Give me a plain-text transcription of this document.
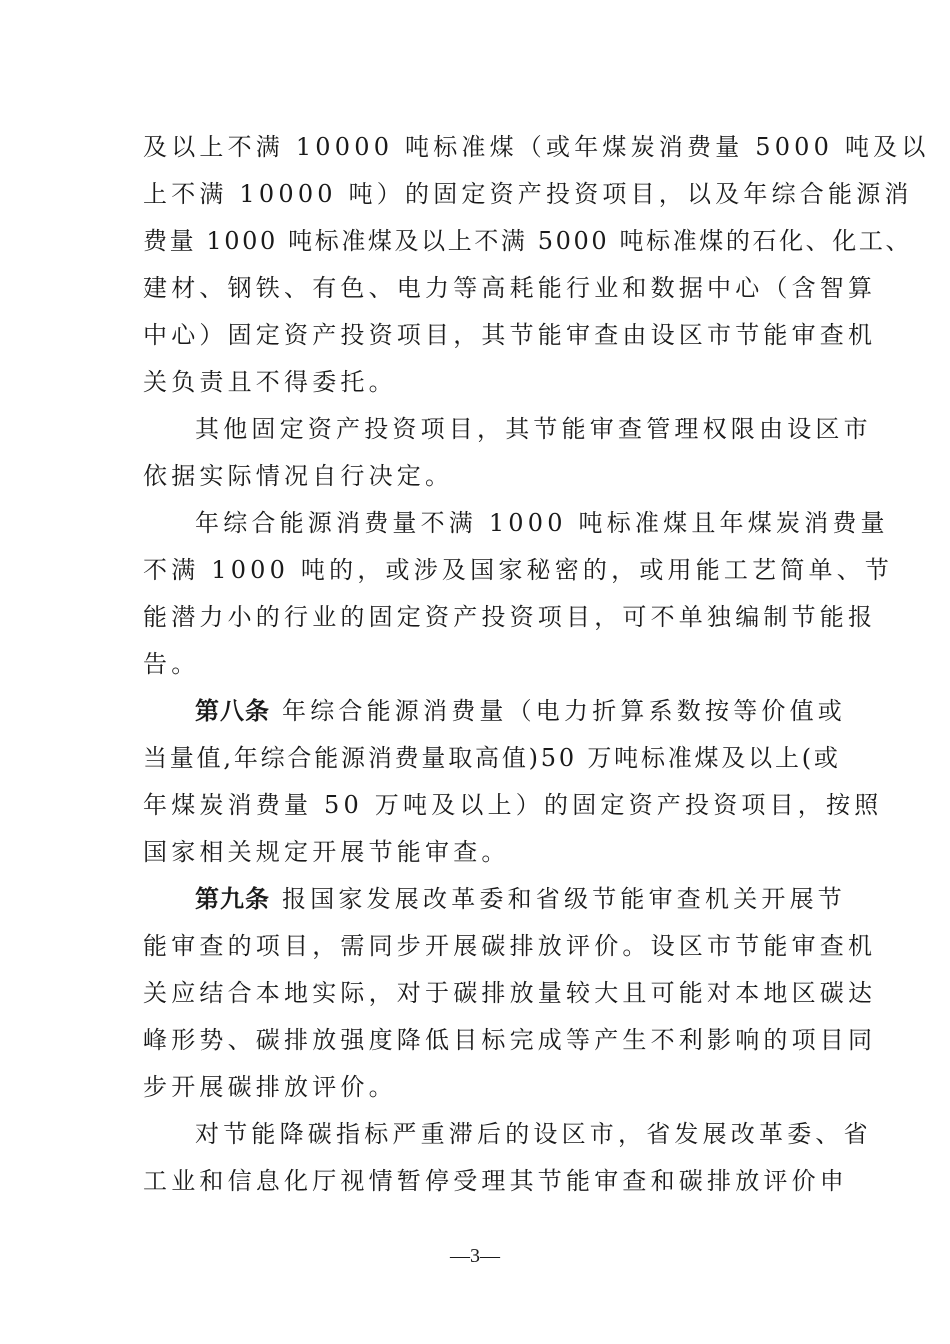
及以上不满 10000 吨标准煤（或年煤炭消费量 5000 吨及以
上不满 10000 吨）的固定资产投资项目，以及年综合能源消
费量 1000 吨标准煤及以上不满 5000 吨标准煤的石化、化工、
建材、钢铁、有色、电力等高耗能行业和数据中心（含智算
中心）固定资产投资项目，其节能审查由设区市节能审查机
关负责且不得委托。
其他固定资产投资项目，其节能审查管理权限由设区市
依据实际情况自行决定。
年综合能源消费量不满 1000 吨标准煤且年煤炭消费量
不满 1000 吨的，或涉及国家秘密的，或用能工艺简单、节
能潜力小的行业的固定资产投资项目，可不单独编制节能报
告。
第八条 年综合能源消费量（电力折算系数按等价值或
当量值,年综合能源消费量取高值)50 万吨标准煤及以上(或
年煤炭消费量 50 万吨及以上）的固定资产投资项目，按照
国家相关规定开展节能审查。
第九条 报国家发展改革委和省级节能审查机关开展节
能审查的项目，需同步开展碳排放评价。设区市节能审查机
关应结合本地实际，对于碳排放量较大且可能对本地区碳达
峰形势、碳排放强度降低目标完成等产生不利影响的项目同
步开展碳排放评价。
对节能降碳指标严重滞后的设区市，省发展改革委、省
工业和信息化厅视情暂停受理其节能审查和碳排放评价申
—3—
